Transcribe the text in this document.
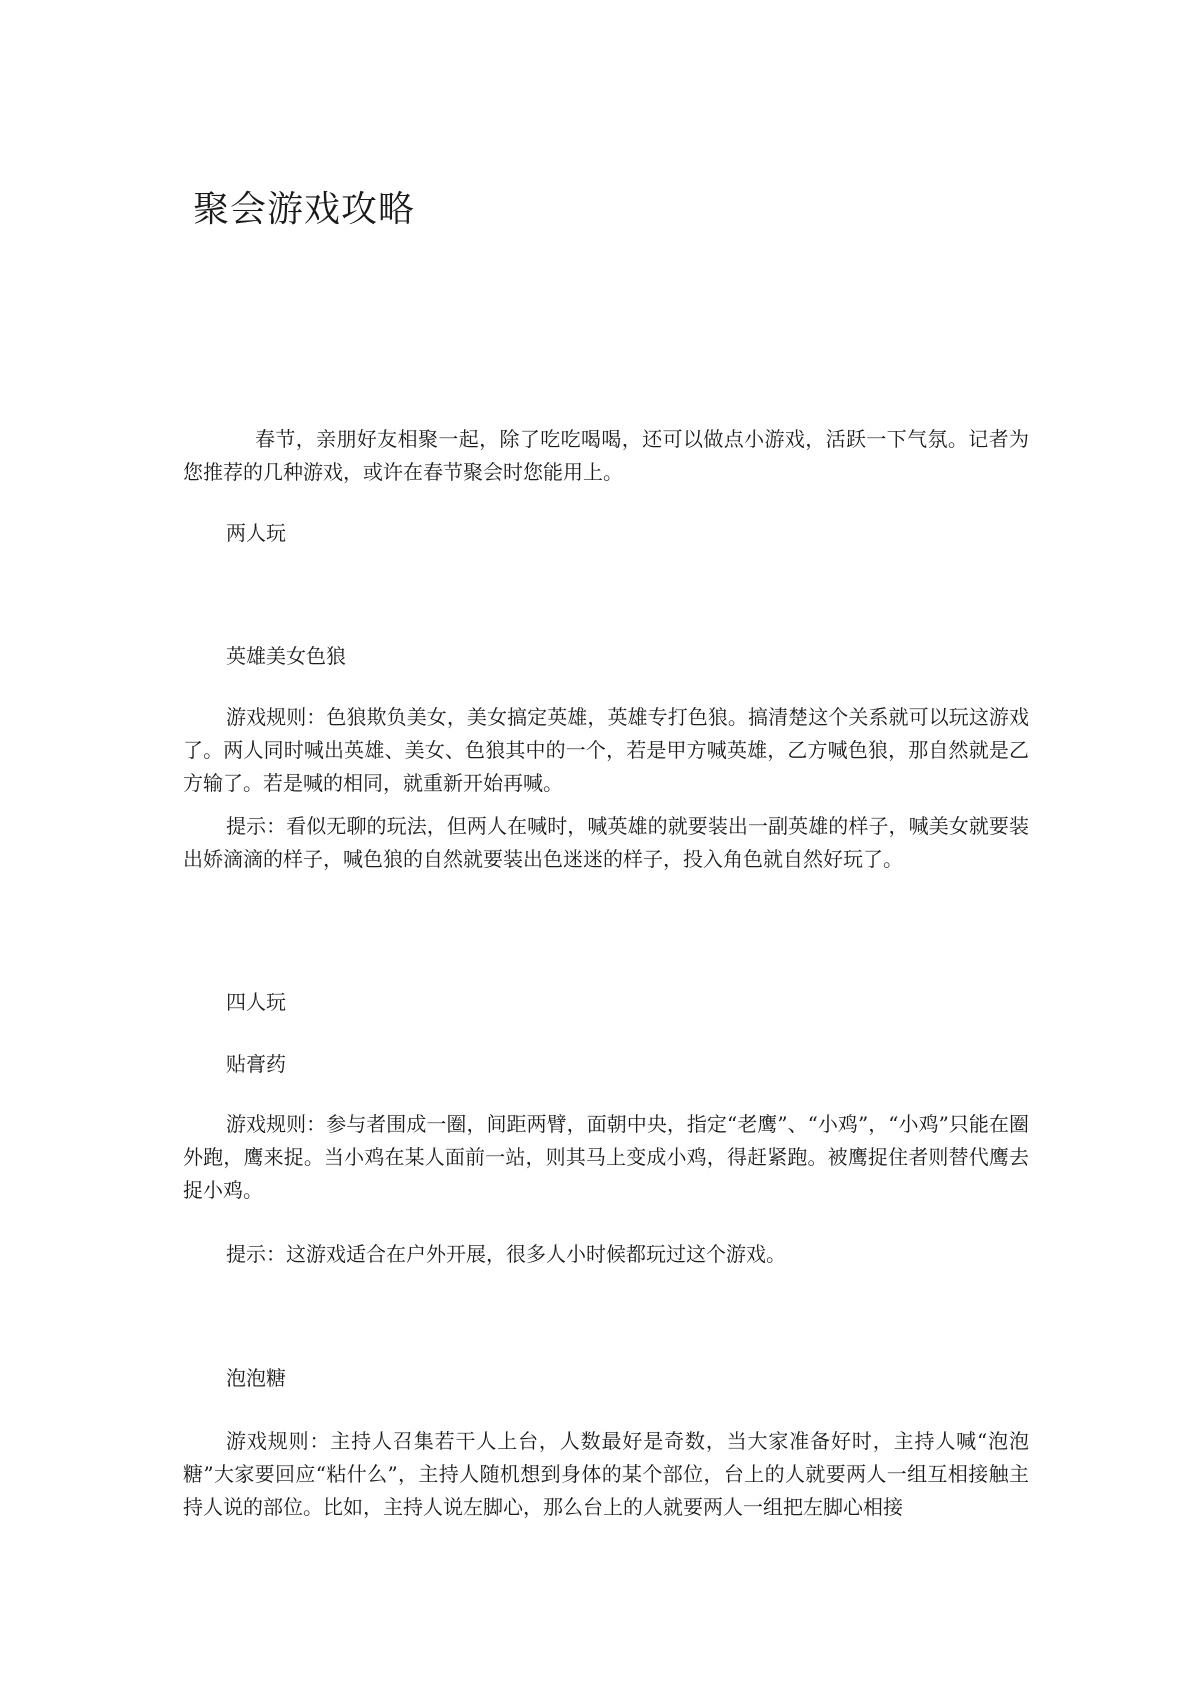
聚会游戏攻略

春节，亲朋好友相聚一起，除了吃吃喝喝，还可以做点小游戏，活跃一下气氛。记者为您推荐的几种游戏，或许在春节聚会时您能用上。

两人玩

英雄美女色狼

游戏规则：色狼欺负美女，美女搞定英雄，英雄专打色狼。搞清楚这个关系就可以玩这游戏了。两人同时喊出英雄、美女、色狼其中的一个，若是甲方喊英雄，乙方喊色狼，那自然就是乙方输了。若是喊的相同，就重新开始再喊。

提示：看似无聊的玩法，但两人在喊时，喊英雄的就要装出一副英雄的样子，喊美女就要装出娇滴滴的样子，喊色狼的自然就要装出色迷迷的样子，投入角色就自然好玩了。

四人玩

贴膏药

游戏规则：参与者围成一圈，间距两臂，面朝中央，指定“老鹰”、“小鸡”，“小鸡”只能在圈外跑，鹰来捉。当小鸡在某人面前一站，则其马上变成小鸡，得赶紧跑。被鹰捉住者则替代鹰去捉小鸡。

提示：这游戏适合在户外开展，很多人小时候都玩过这个游戏。

泡泡糖

游戏规则：主持人召集若干人上台，人数最好是奇数，当大家准备好时，主持人喊“泡泡糖”大家要回应“粘什么”，主持人随机想到身体的某个部位，台上的人就要两人一组互相接触主持人说的部位。比如，主持人说左脚心，那么台上的人就要两人一组把左脚心相接
